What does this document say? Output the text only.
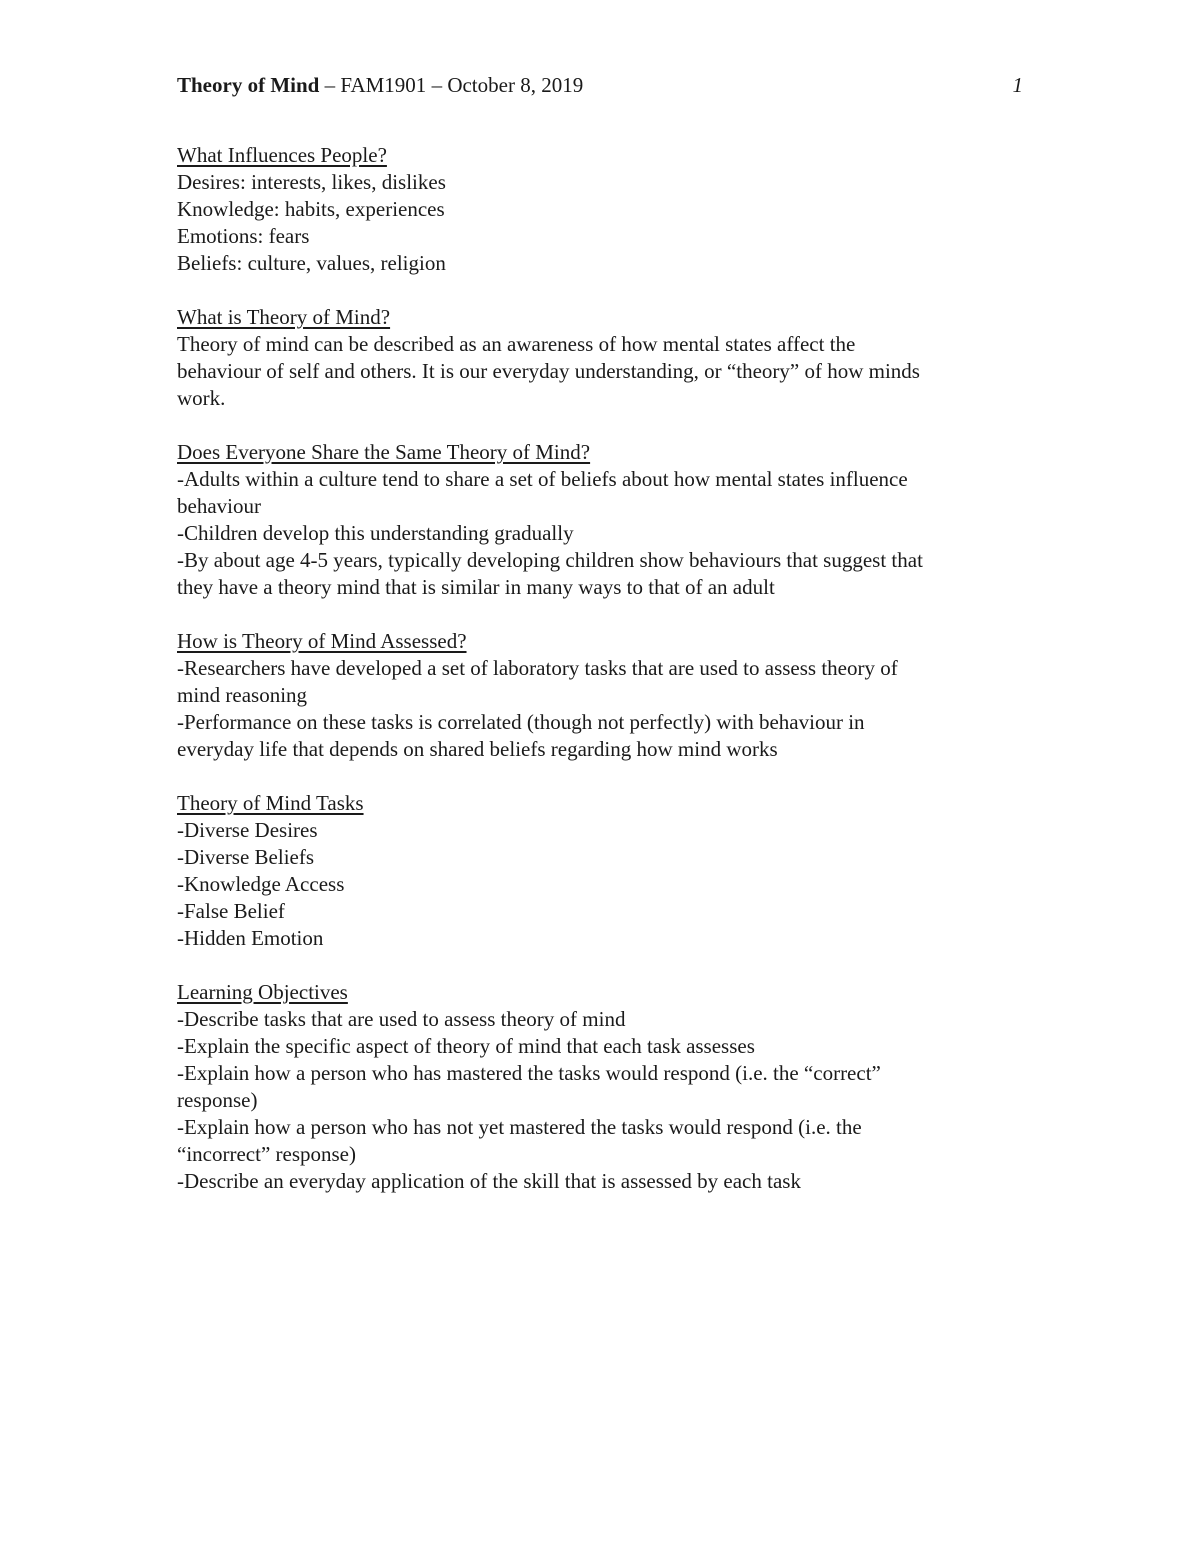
Theory of Mind – FAM1901 – October 8, 2019	1
What Influences People?
Desires: interests, likes, dislikes
Knowledge: habits, experiences
Emotions: fears
Beliefs: culture, values, religion
What is Theory of Mind?
Theory of mind can be described as an awareness of how mental states affect the
behaviour of self and others. It is our everyday understanding, or “theory” of how minds
work.
Does Everyone Share the Same Theory of Mind?
-Adults within a culture tend to share a set of beliefs about how mental states influence
behaviour
-Children develop this understanding gradually
-By about age 4-5 years, typically developing children show behaviours that suggest that
they have a theory mind that is similar in many ways to that of an adult
How is Theory of Mind Assessed?
-Researchers have developed a set of laboratory tasks that are used to assess theory of
mind reasoning
-Performance on these tasks is correlated (though not perfectly) with behaviour in
everyday life that depends on shared beliefs regarding how mind works
Theory of Mind Tasks
-Diverse Desires
-Diverse Beliefs
-Knowledge Access
-False Belief
-Hidden Emotion
Learning Objectives
-Describe tasks that are used to assess theory of mind
-Explain the specific aspect of theory of mind that each task assesses
-Explain how a person who has mastered the tasks would respond (i.e. the “correct”
response)
-Explain how a person who has not yet mastered the tasks would respond (i.e. the
“incorrect” response)
-Describe an everyday application of the skill that is assessed by each task
